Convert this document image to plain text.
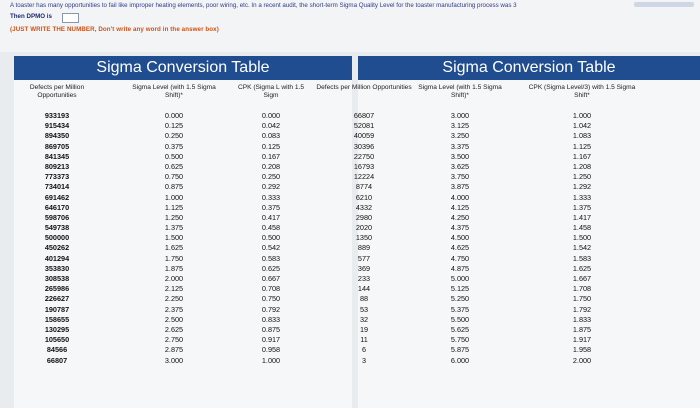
A toaster has many opportunities to fail like improper heating elements, poor wiring, etc. In a recent audit, the short-term Sigma Quality Level for the toaster manufacturing process was 3
Then DPMO is
(JUST WRITE THE NUMBER, Don't write any word in the answer box)
Sigma Conversion Table
Defects per Million Opportunities
933193
915434
894350
869705
841345
809213
773373
734014
691462
646170
598706
549738
500000
450262
401294
353830
308538
265986
226627
190787
158655
130295
105650
84566
66807
Sigma Level (with 1.5 Sigma Shift)*
0.000
0.125
0.250
0.375
0.500
0.625
0.750
0.875
1.000
1.125
1.250
1.375
1.500
1.625
1.750
1.875
2.000
2.125
2.250
2.375
2.500
2.625
2.750
2.875
3.000
CPK (Sigma L with 1.5 Sigm
0.000
0.042
0.083
0.125
0.167
0.208
0.250
0.292
0.333
0.375
0.417
0.458
0.500
0.542
0.583
0.625
0.667
0.708
0.750
0.792
0.833
0.875
0.917
0.958
1.000
Sigma Conversion Table
Defects per Million Opportunities
66807
52081
40059
30396
22750
16793
12224
8774
6210
4332
2980
2020
1350
889
577
369
233
144
88
53
32
19
11
6
3
Sigma Level (with 1.5 Sigma Shift)*
3.000
3.125
3.250
3.375
3.500
3.625
3.750
3.875
4.000
4.125
4.250
4.375
4.500
4.625
4.750
4.875
5.000
5.125
5.250
5.375
5.500
5.625
5.750
5.875
6.000
CPK (Sigma Level/3) with 1.5 Sigma Shift*
1.000
1.042
1.083
1.125
1.167
1.208
1.250
1.292
1.333
1.375
1.417
1.458
1.500
1.542
1.583
1.625
1.667
1.708
1.750
1.792
1.833
1.875
1.917
1.958
2.000
